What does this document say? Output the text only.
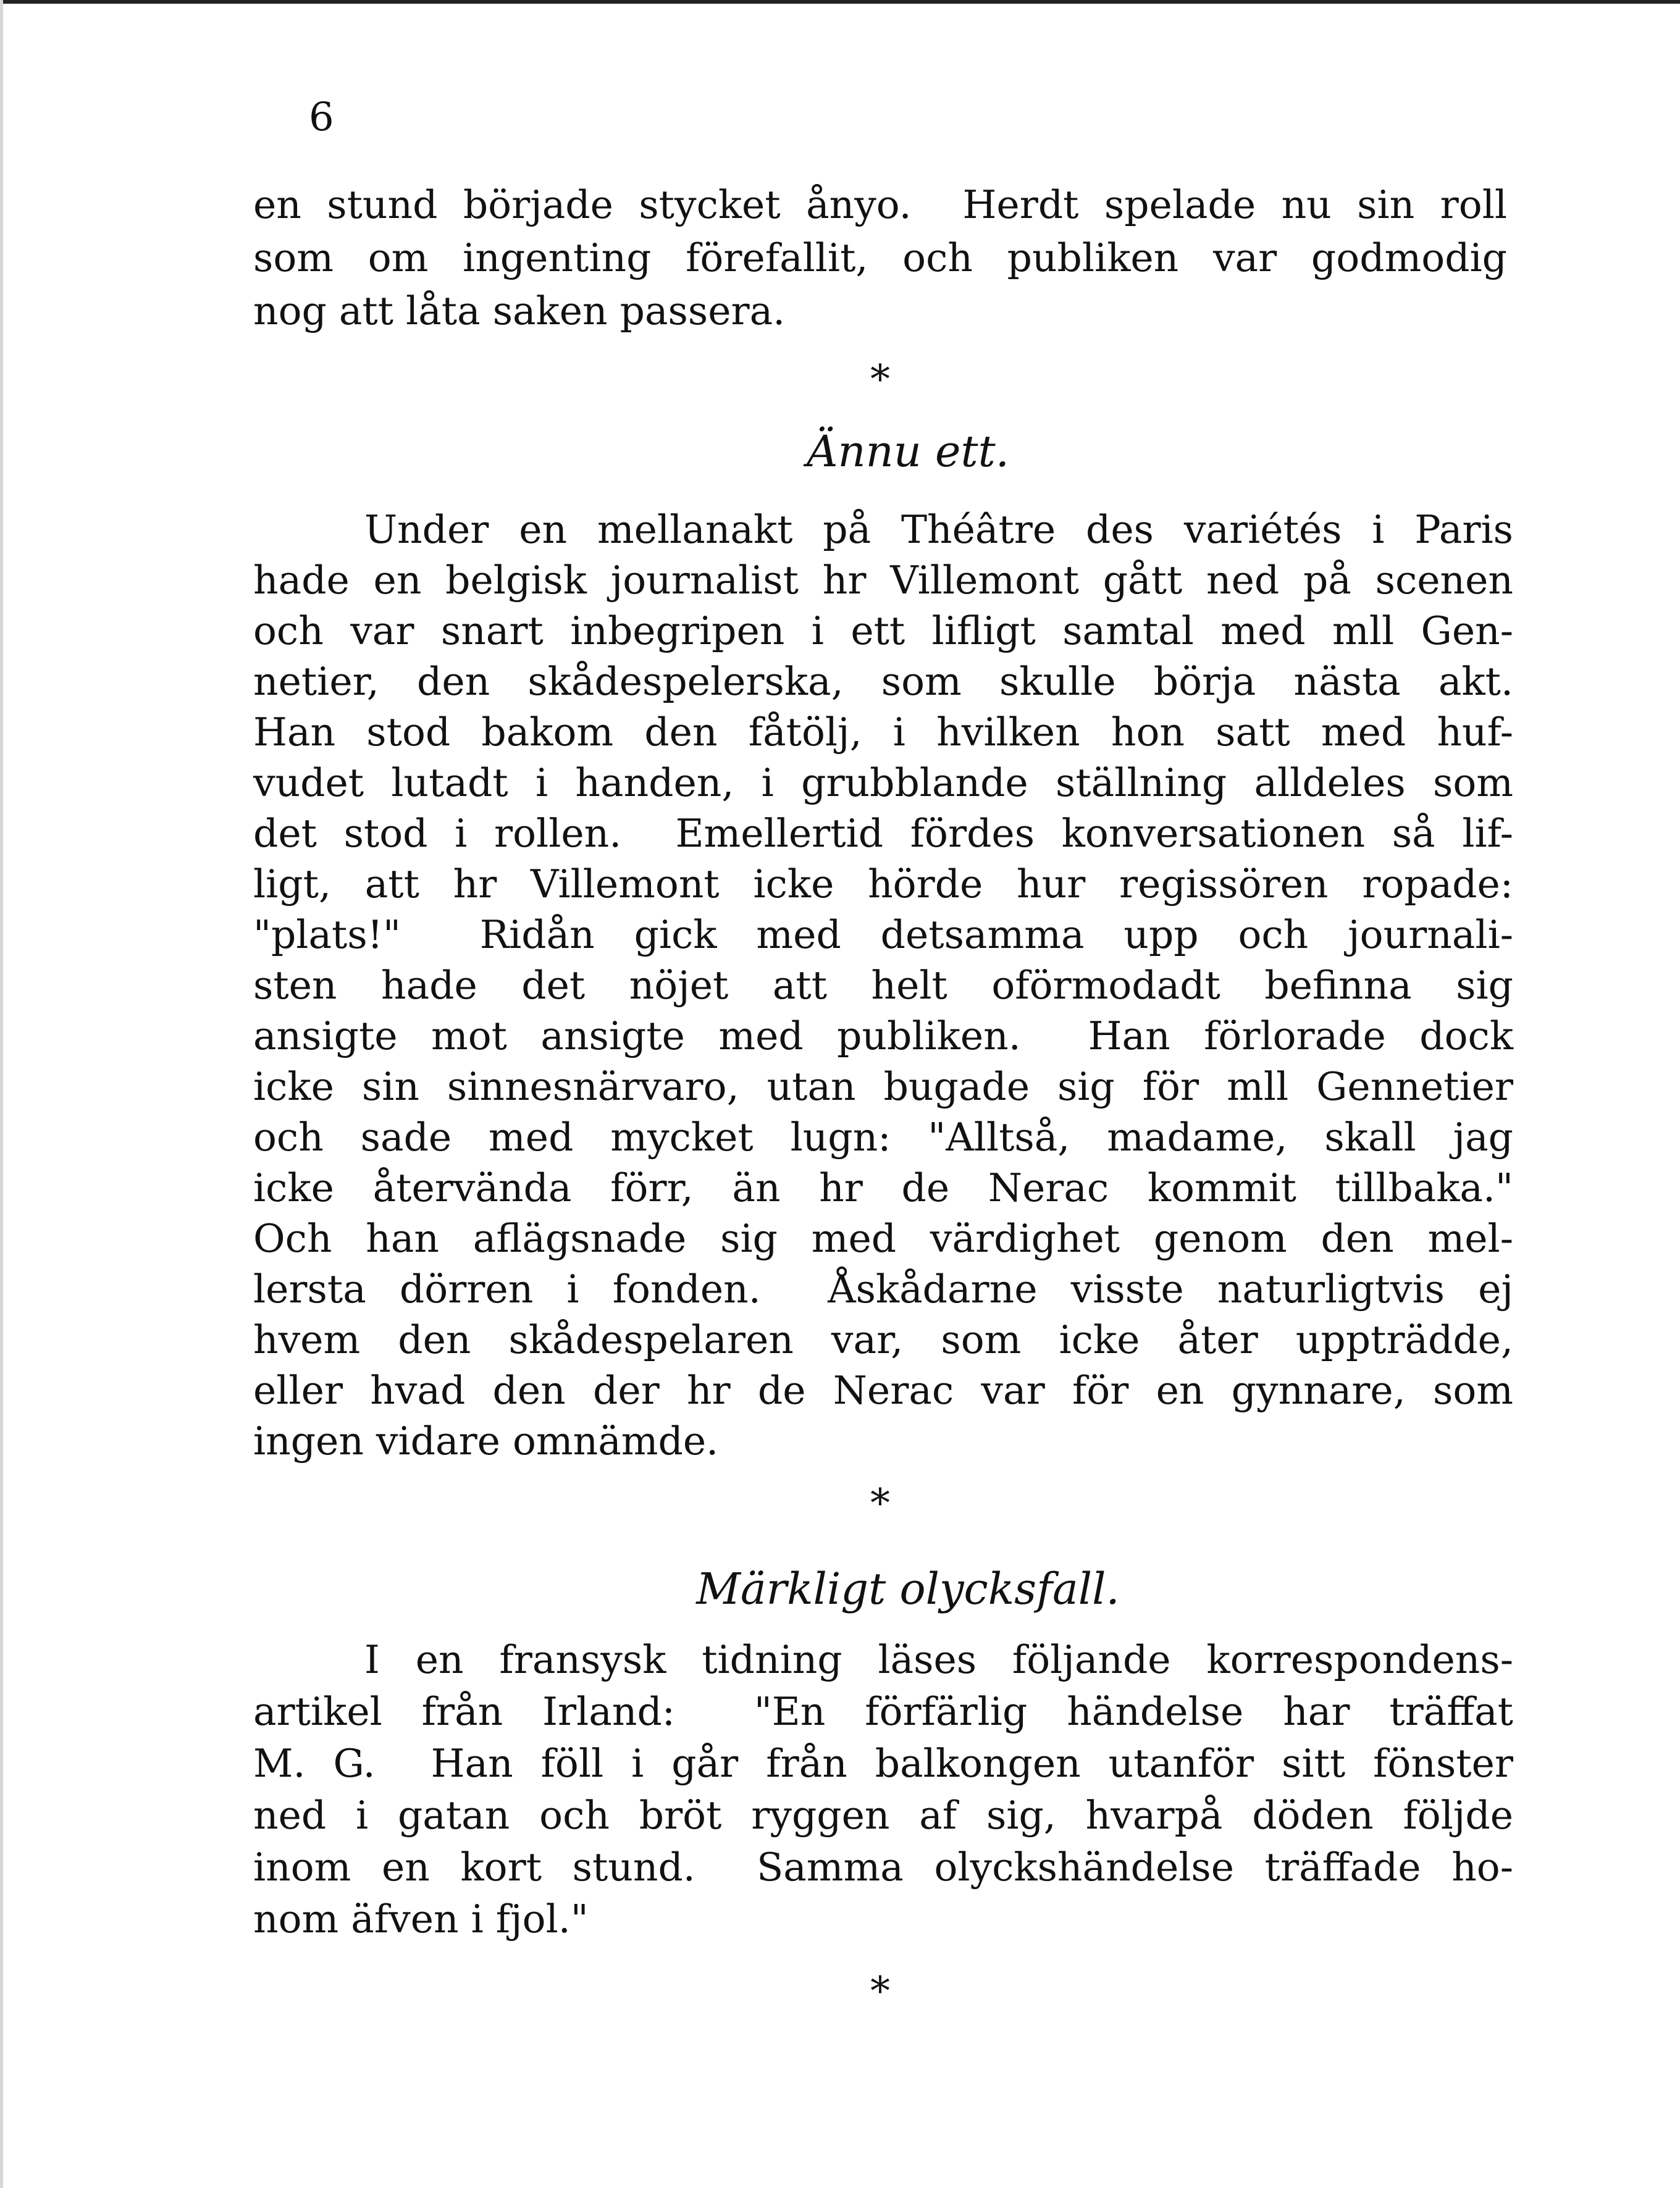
6
en stund började stycket ånyo.  Herdt spelade nu sin roll
som om ingenting förefallit, och publiken var godmodig
nog att låta saken passera.
*
Ännu ett.
Under en mellanakt på Théâtre des variétés i Paris
hade en belgisk journalist hr Villemont gått ned på scenen
och var snart inbegripen i ett lifligt samtal med mll Gen-
netier, den skådespelerska, som skulle börja nästa akt.
Han stod bakom den fåtölj, i hvilken hon satt med huf-
vudet lutadt i handen, i grubblande ställning alldeles som
det stod i rollen.  Emellertid fördes konversationen så lif-
ligt, att hr Villemont icke hörde hur regissören ropade:
"plats!"  Ridån gick med detsamma upp och journali-
sten hade det nöjet att helt oförmodadt befinna sig
ansigte mot ansigte med publiken.  Han förlorade dock
icke sin sinnesnärvaro, utan bugade sig för mll Gennetier
och sade med mycket lugn: "Alltså, madame, skall jag
icke återvända förr, än hr de Nerac kommit tillbaka."
Och han aflägsnade sig med värdighet genom den mel-
lersta dörren i fonden.  Åskådarne visste naturligtvis ej
hvem den skådespelaren var, som icke åter uppträdde,
eller hvad den der hr de Nerac var för en gynnare, som
ingen vidare omnämde.
*
Märkligt olycksfall.
I en fransysk tidning läses följande korrespondens-
artikel från Irland:  "En förfärlig händelse har träffat
M. G.  Han föll i går från balkongen utanför sitt fönster
ned i gatan och bröt ryggen af sig, hvarpå döden följde
inom en kort stund.  Samma olyckshändelse träffade ho-
nom äfven i fjol."
*
